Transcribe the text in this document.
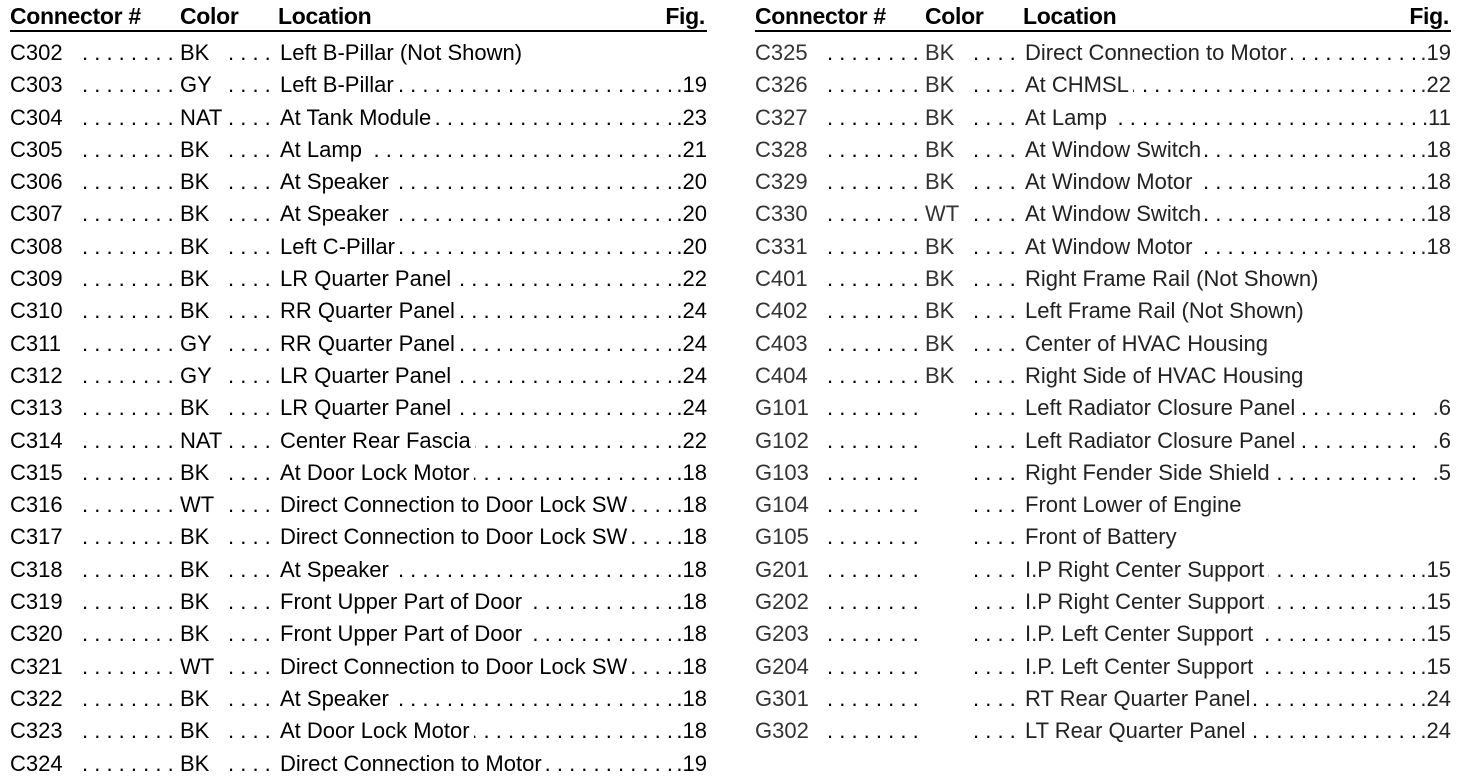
Connector # Color Location	Fig.
C302 . . .	BK . . .	Left B-Pillar (Not Shown)
C303 . . .	GY . . .	Left B-Pillar . . .	.19
C304 . . .	NAT . . .	At Tank Module . . .	.23
C305 . . .	BK . . .	At Lamp . . .	.21
C306 . . .	BK . . .	At Speaker . . .	.20
C307 . . .	BK . . .	At Speaker . . .	.20
C308 . . .	BK . . .	Left C-Pillar . . .	.20
C309 . . .	BK . . .	LR Quarter Panel . . .	.22
C310 . . .	BK . . .	RR Quarter Panel . . .	.24
C311 . . .	GY . . .	RR Quarter Panel . . .	.24
C312 . . .	GY . . .	LR Quarter Panel . . .	.24
C313 . . .	BK . . .	LR Quarter Panel . . .	.24
C314 . . .	NAT . . .	Center Rear Fascia . . .	.22
C315 . . .	BK . . .	At Door Lock Motor . . .	.18
C316 . . .	WT . . .	Direct Connection to Door Lock SW . . .	.18
C317 . . .	BK . . .	Direct Connection to Door Lock SW . . .	.18
C318 . . .	BK . . .	At Speaker . . .	.18
C319 . . .	BK . . .	Front Upper Part of Door . . .	.18
C320 . . .	BK . . .	Front Upper Part of Door . . .	.18
C321 . . .	WT . . .	Direct Connection to Door Lock SW . . .	.18
C322 . . .	BK . . .	At Speaker . . .	.18
C323 . . .	BK . . .	At Door Lock Motor . . .	.18
C324 . . .	BK . . .	Direct Connection to Motor . . .	.19
Connector # Color Location	Fig.
C325 . . .	BK . . .	Direct Connection to Motor . . .	.19
C326 . . .	BK . . .	At CHMSL . . .	.22
C327 . . .	BK . . .	At Lamp . . .	.11
C328 . . .	BK . . .	At Window Switch . . .	.18
C329 . . .	BK . . .	At Window Motor . . .	.18
C330 . . .	WT . . .	At Window Switch . . .	.18
C331 . . .	BK . . .	At Window Motor . . .	.18
C401 . . .	BK . . .	Right Frame Rail (Not Shown)
C402 . . .	BK . . .	Left Frame Rail (Not Shown)
C403 . . .	BK . . .	Center of HVAC Housing
C404 . . .	BK . . .	Right Side of HVAC Housing
G101 . . . . . .	Left Radiator Closure Panel . . .	.6
G102 . . . . . .	Left Radiator Closure Panel . . .	.6
G103 . . . . . .	Right Fender Side Shield . . .	.5
G104 . . . . . .	Front Lower of Engine
G105 . . . . . .	Front of Battery
G201 . . . . . .	I.P Right Center Support . . .	.15
G202 . . . . . .	I.P Right Center Support . . .	.15
G203 . . . . . .	I.P. Left Center Support . . .	.15
G204 . . . . . .	I.P. Left Center Support . . .	.15
G301 . . . . . .	RT Rear Quarter Panel . . .	.24
G302 . . . . . .	LT Rear Quarter Panel . . .	.24
